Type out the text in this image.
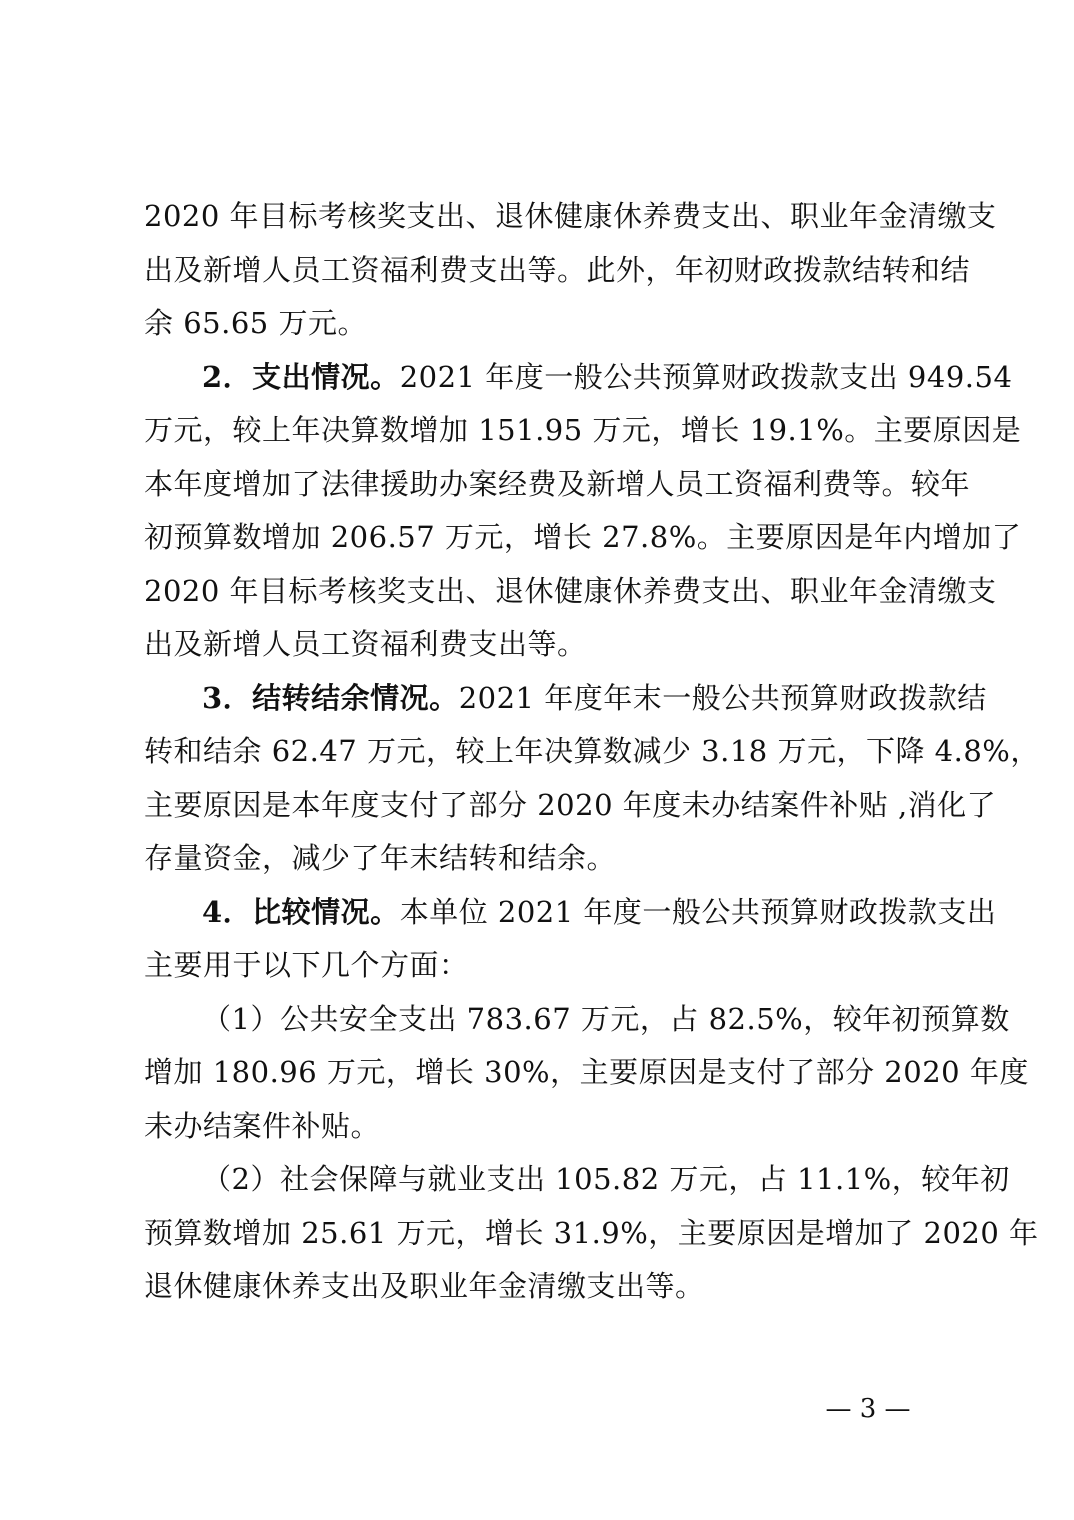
2020 年目标考核奖支出、退休健康休养费支出、职业年金清缴支
出及新增人员工资福利费支出等。此外，年初财政拨款结转和结
余 65.65 万元。
2．支出情况。2021 年度一般公共预算财政拨款支出 949.54
万元，较上年决算数增加 151.95 万元，增长 19.1%。主要原因是
本年度增加了法律援助办案经费及新增人员工资福利费等。较年
初预算数增加 206.57 万元，增长 27.8%。主要原因是年内增加了
2020 年目标考核奖支出、退休健康休养费支出、职业年金清缴支
出及新增人员工资福利费支出等。
3．结转结余情况。2021 年度年末一般公共预算财政拨款结
转和结余 62.47 万元，较上年决算数减少 3.18 万元，下降 4.8%，
主要原因是本年度支付了部分 2020 年度未办结案件补贴 ,消化了
存量资金，减少了年末结转和结余。
4．比较情况。本单位 2021 年度一般公共预算财政拨款支出
主要用于以下几个方面：
（1）公共安全支出 783.67 万元，占 82.5%，较年初预算数
增加 180.96 万元，增长 30%，主要原因是支付了部分 2020 年度
未办结案件补贴。
（2）社会保障与就业支出 105.82 万元，占 11.1%，较年初
预算数增加 25.61 万元，增长 31.9%，主要原因是增加了 2020 年
退休健康休养支出及职业年金清缴支出等。
— 3 —
